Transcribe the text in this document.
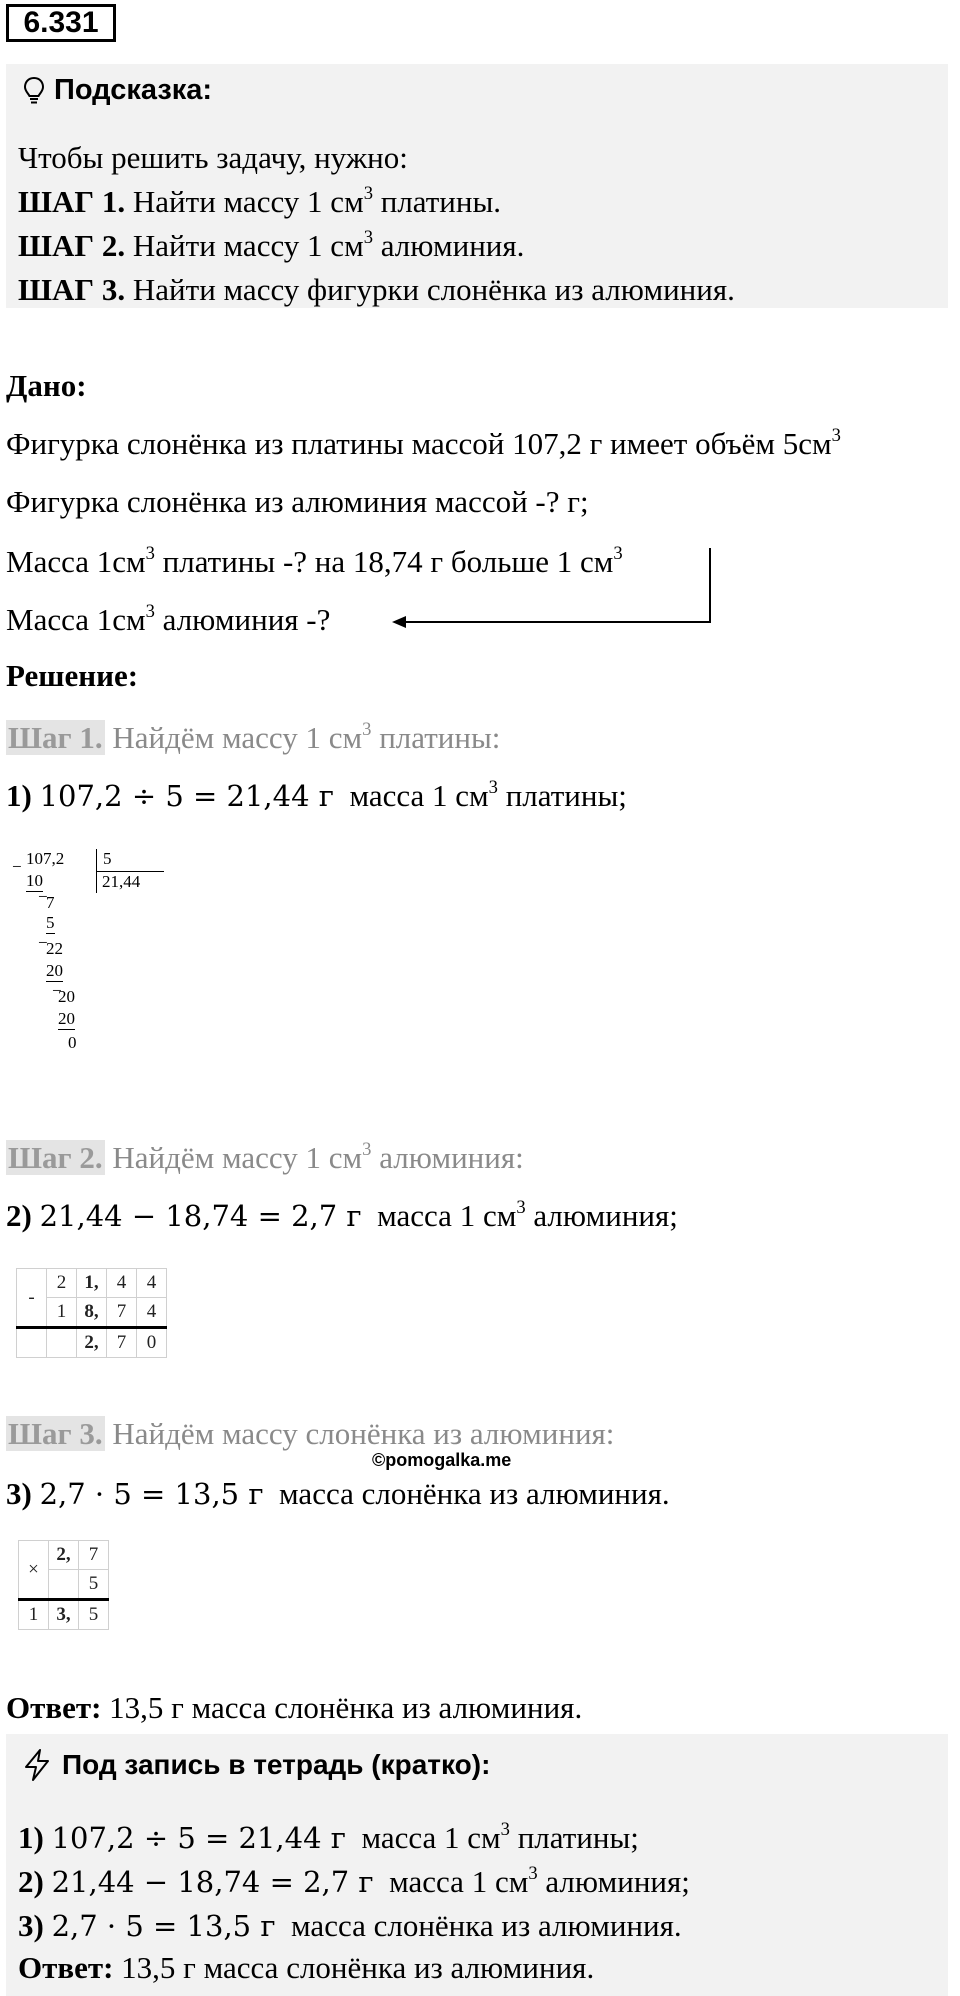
6.331
Подсказка:
Чтобы решить задачу, нужно:
ШАГ 1. Найти массу 1 $см^3$ платины.
ШАГ 2. Найти массу 1 $см^3$ алюминия.
ШАГ 3. Найти массу фигурки слонёнка из алюминия.
Дано:
Фигурка слонёнка из платины массой 107,2 г имеет объём $5см^3$
Фигурка слонёнка из алюминия массой -? г;
Масса $1см^3$ платины -? на 18,74 г больше 1 $см^3$
Масса $1см^3$ алюминия -?
Решение:
Шаг 1. Найдём массу 1 $см^3$ платины:
1) 107,2 ÷ 5 = 21,44 г масса 1 $см^3$ платины;
− 107,2	5
21,44
10
−
7
5
−
22
20
−
20
20
0
Шаг 2. Найдём массу 1 $см^3$ алюминия:
2) 21,44 − 18,74 = 2,7 г масса 1 $см^3$ алюминия;
-	2	1,	4	4
	1	8,	7	4
		2,	7	0
Шаг 3. Найдём массу слонёнка из алюминия:
©pomogalka.me
3) 2,7 · 5 = 13,5 г масса слонёнка из алюминия.
×	2,	7
		5
1	3,	5
Ответ: 13,5 г масса слонёнка из алюминия.
Под запись в тетрадь (кратко):
1) 107,2 ÷ 5 = 21,44 г масса 1 $см^3$ платины;
2) 21,44 − 18,74 = 2,7 г масса 1 $см^3$ алюминия;
3) 2,7 · 5 = 13,5 г масса слонёнка из алюминия.
Ответ: 13,5 г масса слонёнка из алюминия.
